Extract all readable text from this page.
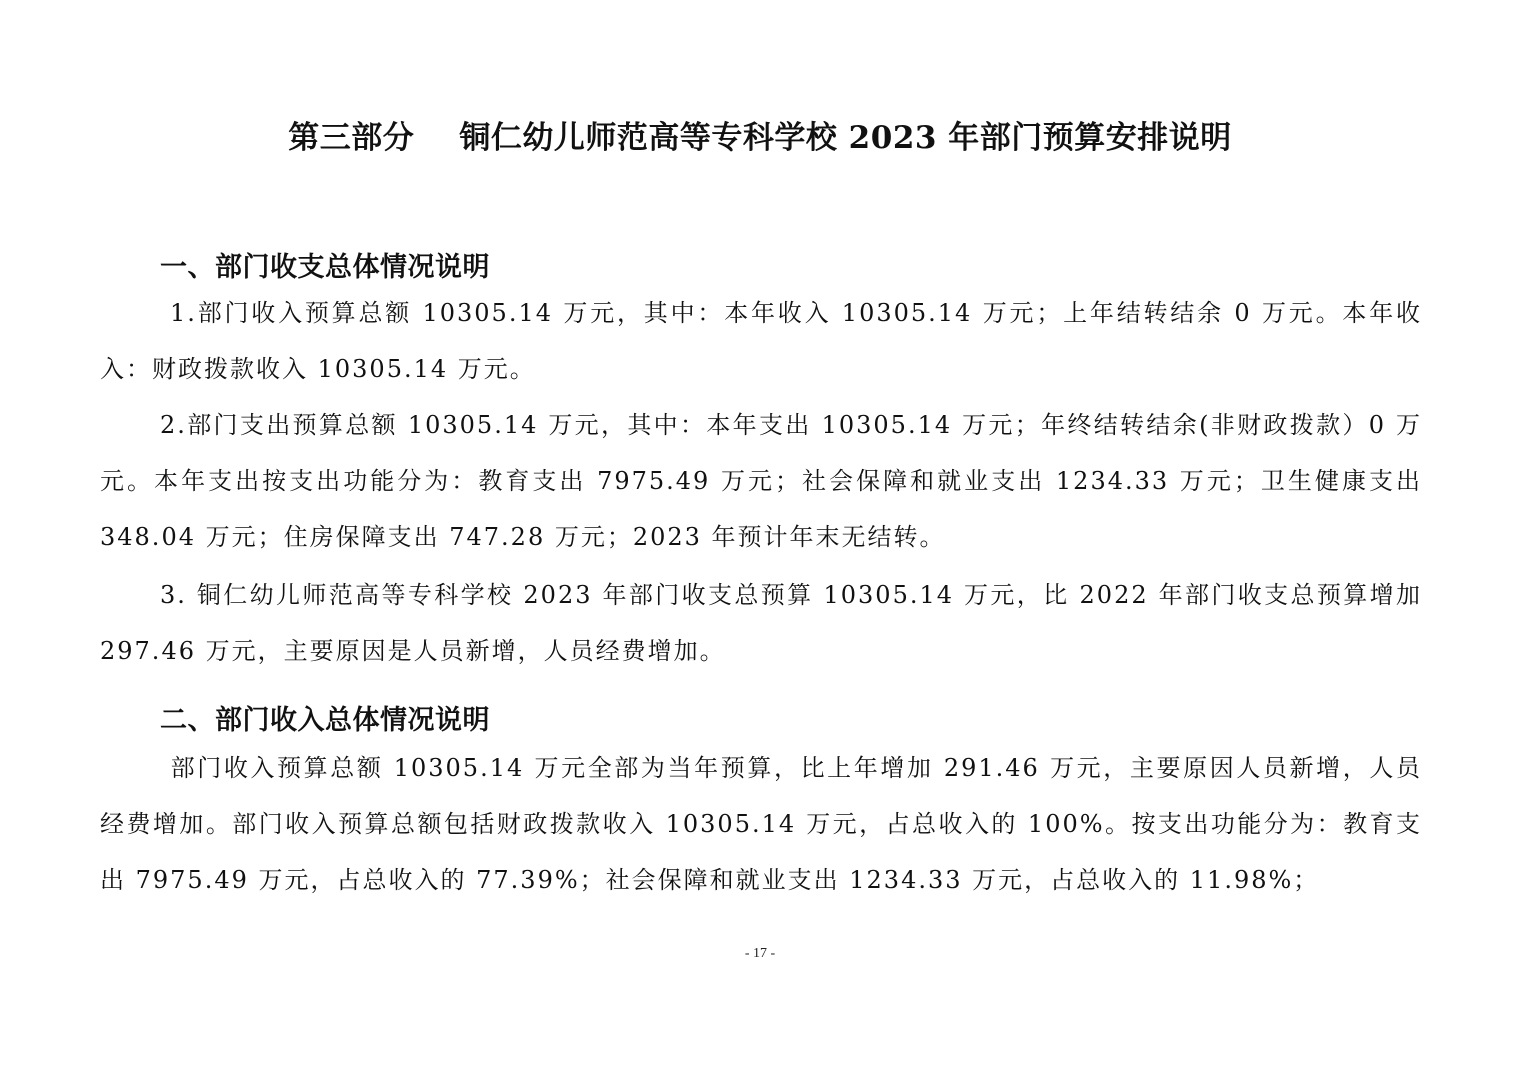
第三部分    铜仁幼儿师范高等专科学校 2023 年部门预算安排说明
一、部门收支总体情况说明
1.部门收入预算总额 10305.14 万元，其中：本年收入 10305.14 万元；上年结转结余 0 万元。本年收入：财政拨款收入 10305.14 万元。
2.部门支出预算总额 10305.14 万元，其中：本年支出 10305.14 万元；年终结转结余(非财政拨款）0 万元。本年支出按支出功能分为：教育支出 7975.49 万元；社会保障和就业支出 1234.33 万元；卫生健康支出 348.04 万元；住房保障支出 747.28 万元；2023 年预计年末无结转。
3. 铜仁幼儿师范高等专科学校 2023 年部门收支总预算 10305.14 万元，比 2022 年部门收支总预算增加 297.46 万元，主要原因是人员新增，人员经费增加。
二、部门收入总体情况说明
部门收入预算总额 10305.14 万元全部为当年预算，比上年增加 291.46 万元，主要原因人员新增，人员经费增加。部门收入预算总额包括财政拨款收入 10305.14 万元，占总收入的 100%。按支出功能分为：教育支出 7975.49 万元，占总收入的 77.39%；社会保障和就业支出 1234.33 万元，占总收入的 11.98%；
- 17 -
